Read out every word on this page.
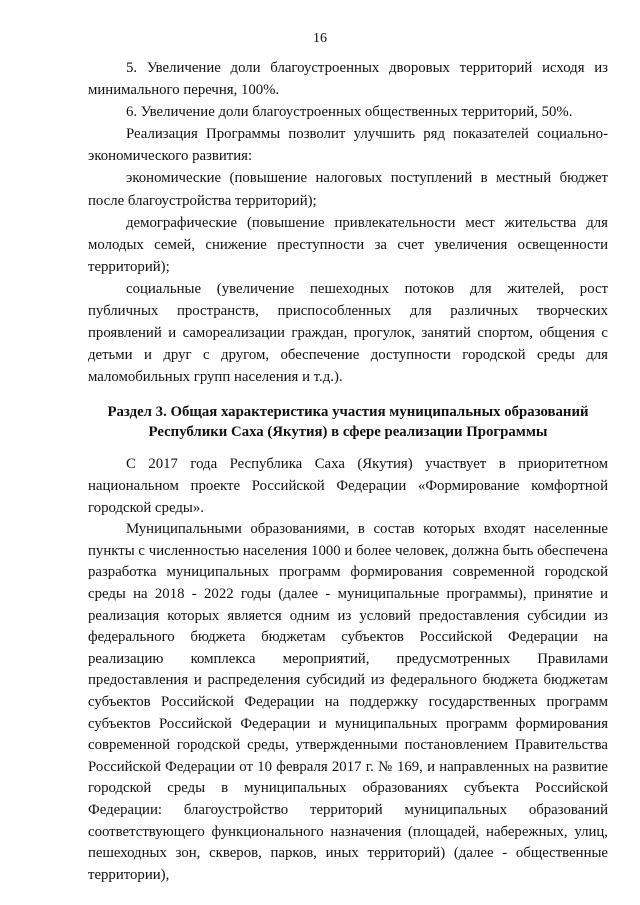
16

5. Увеличение доли благоустроенных дворовых территорий исходя из минимального перечня, 100%.

6. Увеличение доли благоустроенных общественных территорий, 50%.

Реализация Программы позволит улучшить ряд показателей социально-экономического развития:

экономические (повышение налоговых поступлений в местный бюджет после благоустройства территорий);

демографические (повышение привлекательности мест жительства для молодых семей, снижение преступности за счет увеличения освещенности территорий);

социальные (увеличение пешеходных потоков для жителей, рост публичных пространств, приспособленных для различных творческих проявлений и самореализации граждан, прогулок, занятий спортом, общения с детьми и друг с другом, обеспечение доступности городской среды для маломобильных групп населения и т.д.).

Раздел 3. Общая характеристика участия муниципальных образований Республики Саха (Якутия) в сфере реализации Программы

С 2017 года Республика Саха (Якутия) участвует в приоритетном национальном проекте Российской Федерации «Формирование комфортной городской среды».

Муниципальными образованиями, в состав которых входят населенные пункты с численностью населения 1000 и более человек, должна быть обеспечена разработка муниципальных программ формирования современной городской среды на 2018 - 2022 годы (далее - муниципальные программы), принятие и реализация которых является одним из условий предоставления субсидии из федерального бюджета бюджетам субъектов Российской Федерации на реализацию комплекса мероприятий, предусмотренных Правилами предоставления и распределения субсидий из федерального бюджета бюджетам субъектов Российской Федерации на поддержку государственных программ субъектов Российской Федерации и муниципальных программ формирования современной городской среды, утвержденными постановлением Правительства Российской Федерации от 10 февраля 2017 г. № 169, и направленных на развитие городской среды в муниципальных образованиях субъекта Российской Федерации: благоустройство территорий муниципальных образований соответствующего функционального назначения (площадей, набережных, улиц, пешеходных зон, скверов, парков, иных территорий) (далее - общественные территории),
